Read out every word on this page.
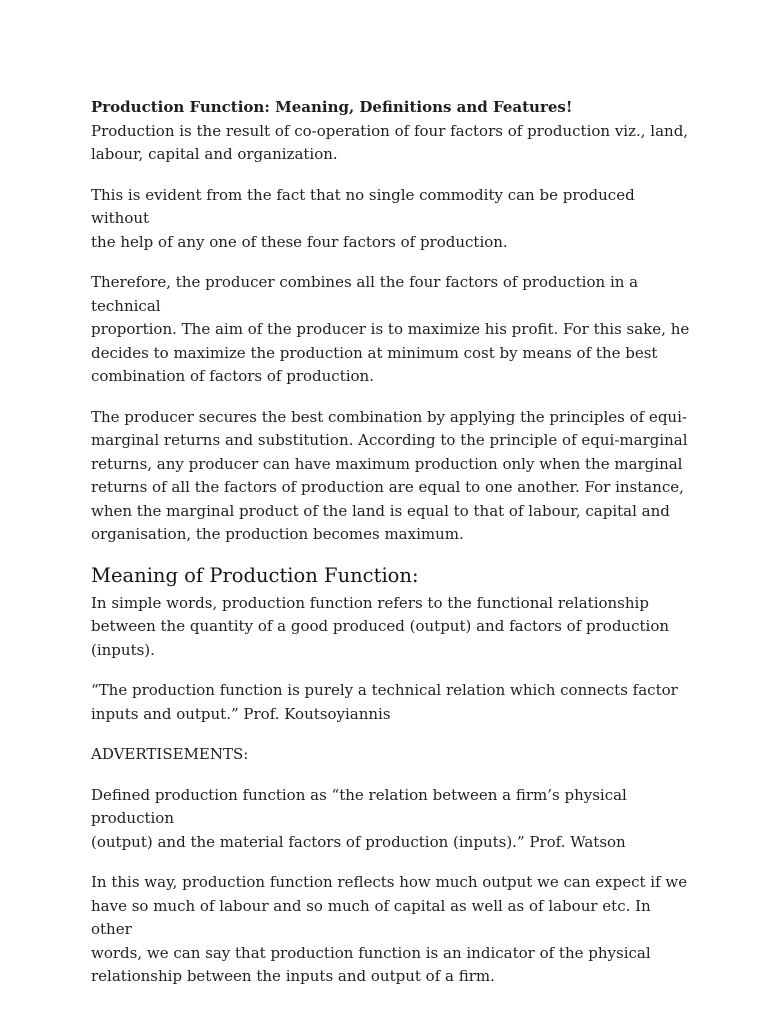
Production Function: Meaning, Definitions and Features!

Production is the result of co-operation of four factors of production viz., land,
labour, capital and organization.

This is evident from the fact that no single commodity can be produced without
the help of any one of these four factors of production.

Therefore, the producer combines all the four factors of production in a technical
proportion. The aim of the producer is to maximize his profit. For this sake, he
decides to maximize the production at minimum cost by means of the best
combination of factors of production.

The producer secures the best combination by applying the principles of equi-
marginal returns and substitution. According to the principle of equi-marginal
returns, any producer can have maximum production only when the marginal
returns of all the factors of production are equal to one another. For instance,
when the marginal product of the land is equal to that of labour, capital and
organisation, the production becomes maximum.

Meaning of Production Function:

In simple words, production function refers to the functional relationship
between the quantity of a good produced (output) and factors of production
(inputs).

“The production function is purely a technical relation which connects factor
inputs and output.” Prof. Koutsoyiannis

ADVERTISEMENTS:

Defined production function as “the relation between a firm’s physical production
(output) and the material factors of production (inputs).” Prof. Watson

In this way, production function reflects how much output we can expect if we
have so much of labour and so much of capital as well as of labour etc. In other
words, we can say that production function is an indicator of the physical
relationship between the inputs and output of a firm.
